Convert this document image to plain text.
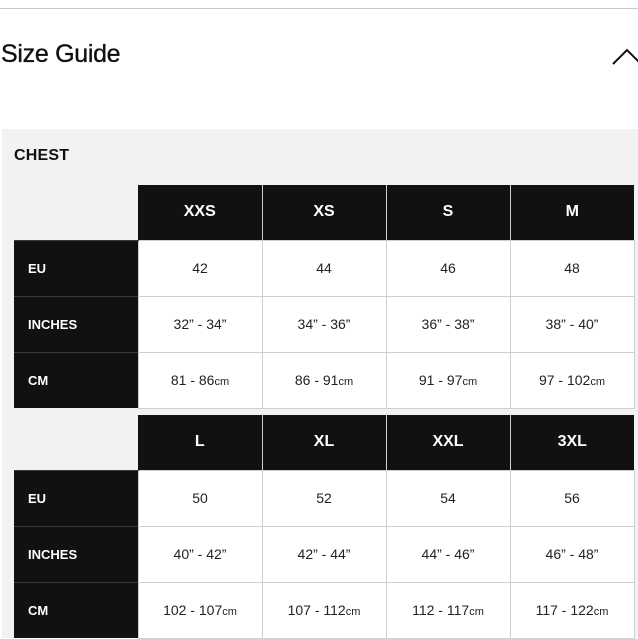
Size Guide
CHEST
	XXS	XS	S	M
EU	42	44	46	48
INCHES	32” - 34”	34” - 36”	36” - 38”	38” - 40”
CM	81 - 86cm	86 - 91cm	91 - 97cm	97 - 102cm
	L	XL	XXL	3XL
EU	50	52	54	56
INCHES	40” - 42”	42” - 44”	44” - 46”	46” - 48”
CM	102 - 107cm	107 - 112cm	112 - 117cm	117 - 122cm
